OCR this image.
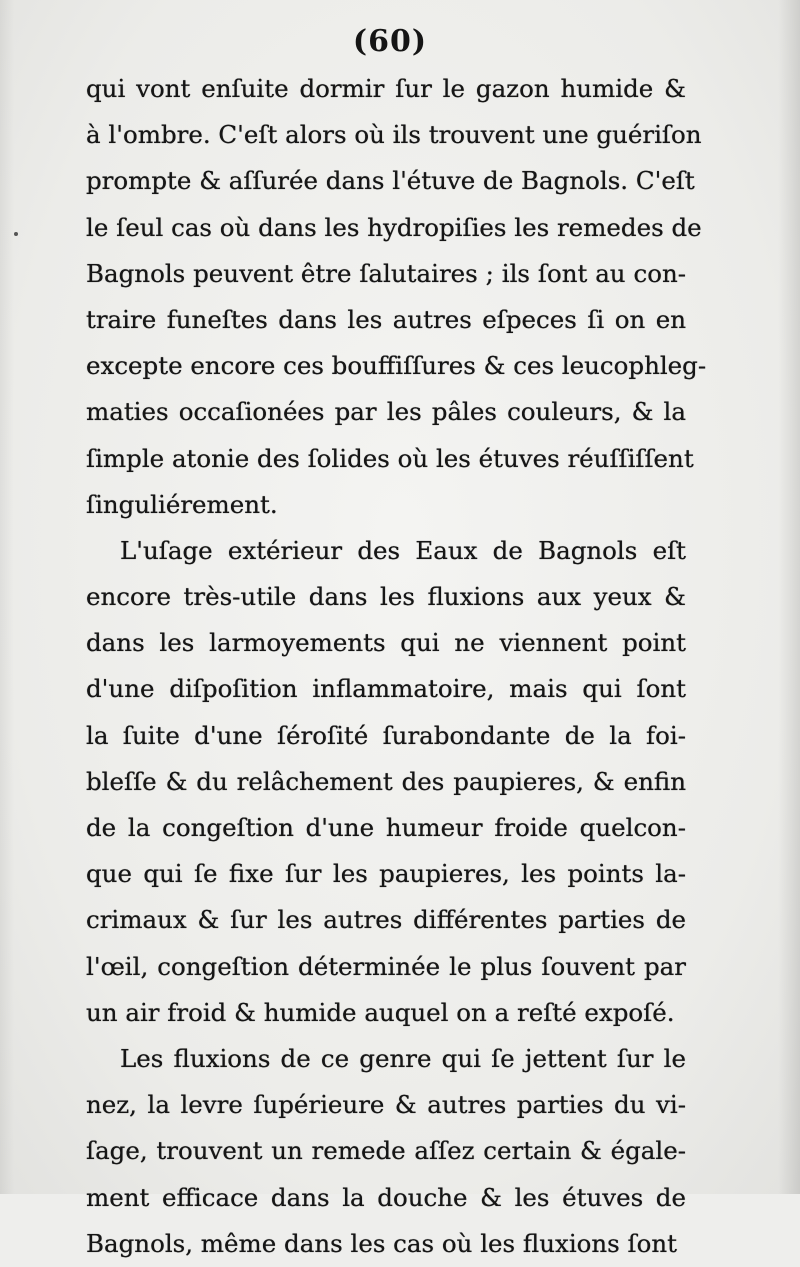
(60)
qui vont enſuite dormir ſur le gazon humide &
à l'ombre. C'eſt alors où ils trouvent une guériſon
prompte & aſſurée dans l'étuve de Bagnols. C'eſt
le ſeul cas où dans les hydropiſies les remedes de
Bagnols peuvent être ſalutaires ; ils ſont au con-
traire funeſtes dans les autres eſpeces ſi on en
excepte encore ces bouffiſſures & ces leucophleg-
maties occaſionées par les pâles couleurs, & la
ſimple atonie des ſolides où les étuves réuſſiſſent
ſinguliérement.
L'uſage extérieur des Eaux de Bagnols eſt
encore très-utile dans les fluxions aux yeux &
dans les larmoyements qui ne viennent point
d'une diſpoſition inflammatoire, mais qui ſont
la ſuite d'une ſéroſité ſurabondante de la foi-
bleſſe & du relâchement des paupieres, & enfin
de la congeſtion d'une humeur froide quelcon-
que qui ſe fixe ſur les paupieres, les points la-
crimaux & ſur les autres différentes parties de
l'œil, congeſtion déterminée le plus ſouvent par
un air froid & humide auquel on a reſté expoſé.
Les fluxions de ce genre qui ſe jettent ſur le
nez, la levre ſupérieure & autres parties du vi-
ſage, trouvent un remede aſſez certain & égale-
ment efficace dans la douche & les étuves de
Bagnols, même dans les cas où les fluxions ſont
